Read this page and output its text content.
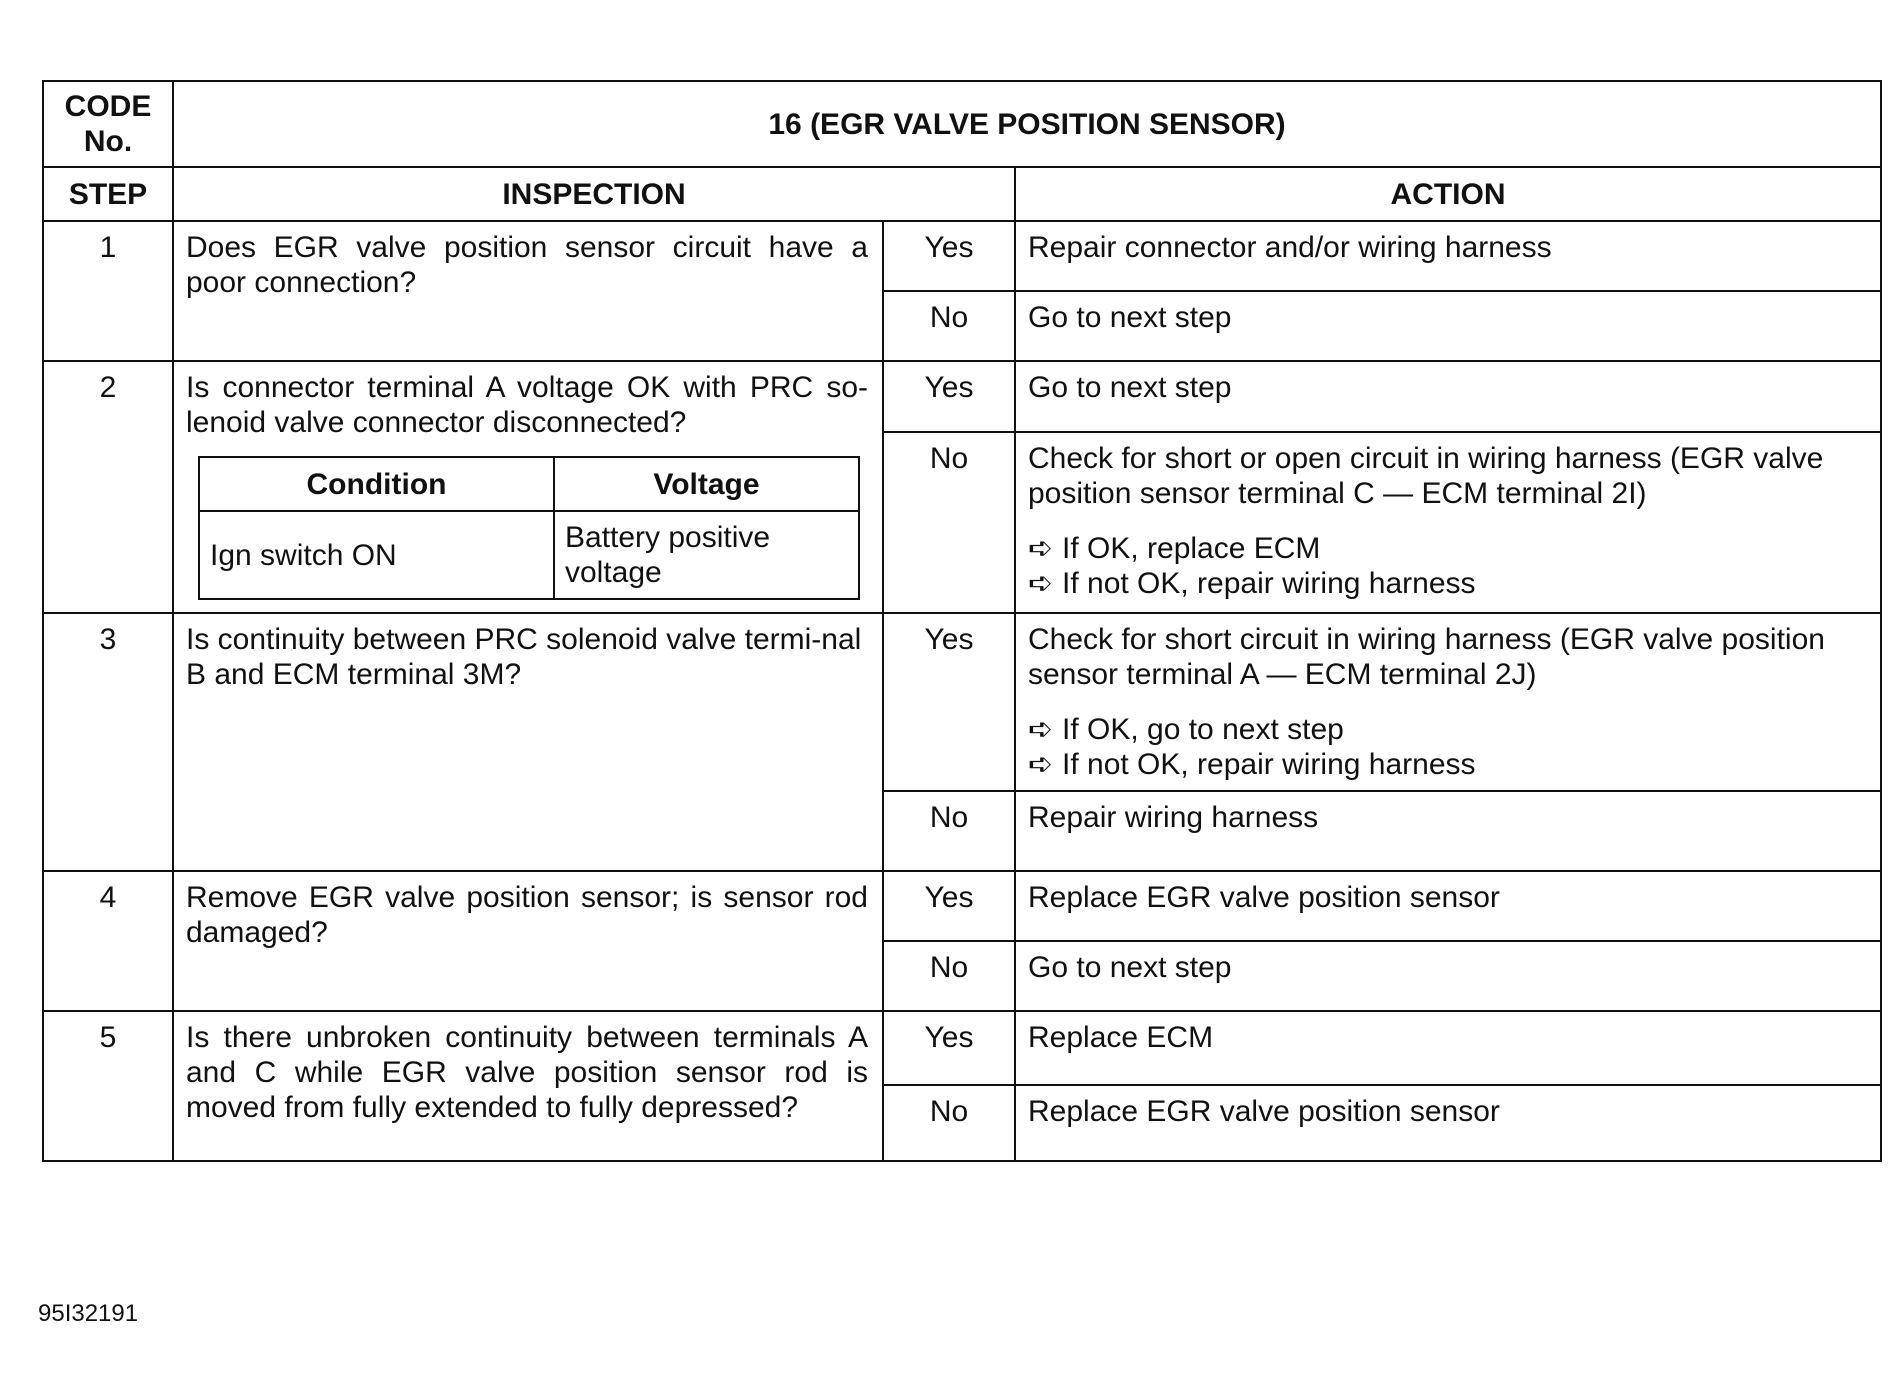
CODE No.	16 (EGR VALVE POSITION SENSOR)
STEP	INSPECTION	ACTION
1	Does EGR valve position sensor circuit have a poor connection?
	Yes	Repair connector and/or wiring harness
No	Go to next step
2	Is connector terminal A voltage OK with PRC so-lenoid valve connector disconnected?
Condition	Voltage
Ign switch ON	Battery positive voltage
	Yes	Go to next step
No	Check for short or open circuit in wiring harness (EGR valve position sensor terminal C — ECM terminal 2I)
➪ If OK, replace ECM
➪ If not OK, repair wiring harness

3	Is continuity between PRC solenoid valve termi-nal B and ECM terminal 3M?
	Yes	Check for short circuit in wiring harness (EGR valve position sensor terminal A — ECM terminal 2J)
➪ If OK, go to next step
➪ If not OK, repair wiring harness

No	Repair wiring harness
4	Remove EGR valve position sensor; is sensor rod damaged?
	Yes	Replace EGR valve position sensor
No	Go to next step
5	Is there unbroken continuity between terminals A and C while EGR valve position sensor rod is moved from fully extended to fully depressed?
	Yes	Replace ECM
No	Replace EGR valve position sensor
95I32191
